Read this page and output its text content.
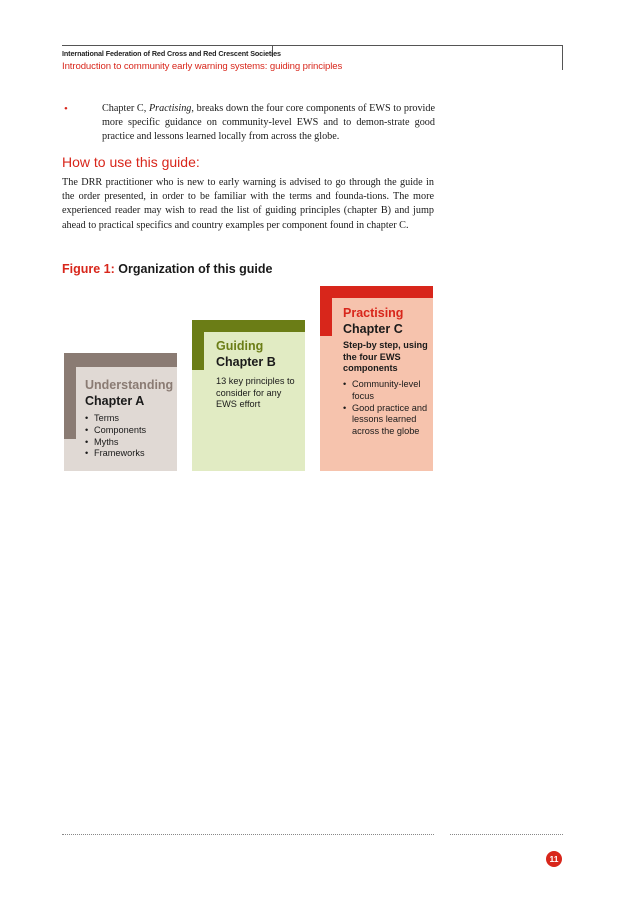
International Federation of Red Cross and Red Crescent Societies
Introduction to community early warning systems: guiding principles
•	Chapter C, Practising, breaks down the four core components of EWS to provide more specific guidance on community-level EWS and to demon-strate good practice and lessons learned locally from across the globe.
How to use this guide:
The DRR practitioner who is new to early warning is advised to go through the guide in the order presented, in order to be familiar with the terms and founda-tions. The more experienced reader may wish to read the list of guiding principles (chapter B) and jump ahead to practical specifics and country examples per component found in chapter C.
Figure 1: Organization of this guide
Understanding
Chapter A
• Terms
• Components
• Myths
• Frameworks
Guiding
Chapter B
13 key principles to consider for any EWS effort
Practising
Chapter C
Step-by step, using the four EWS components
• Community-level focus
• Good practice and lessons learned across the globe
11
